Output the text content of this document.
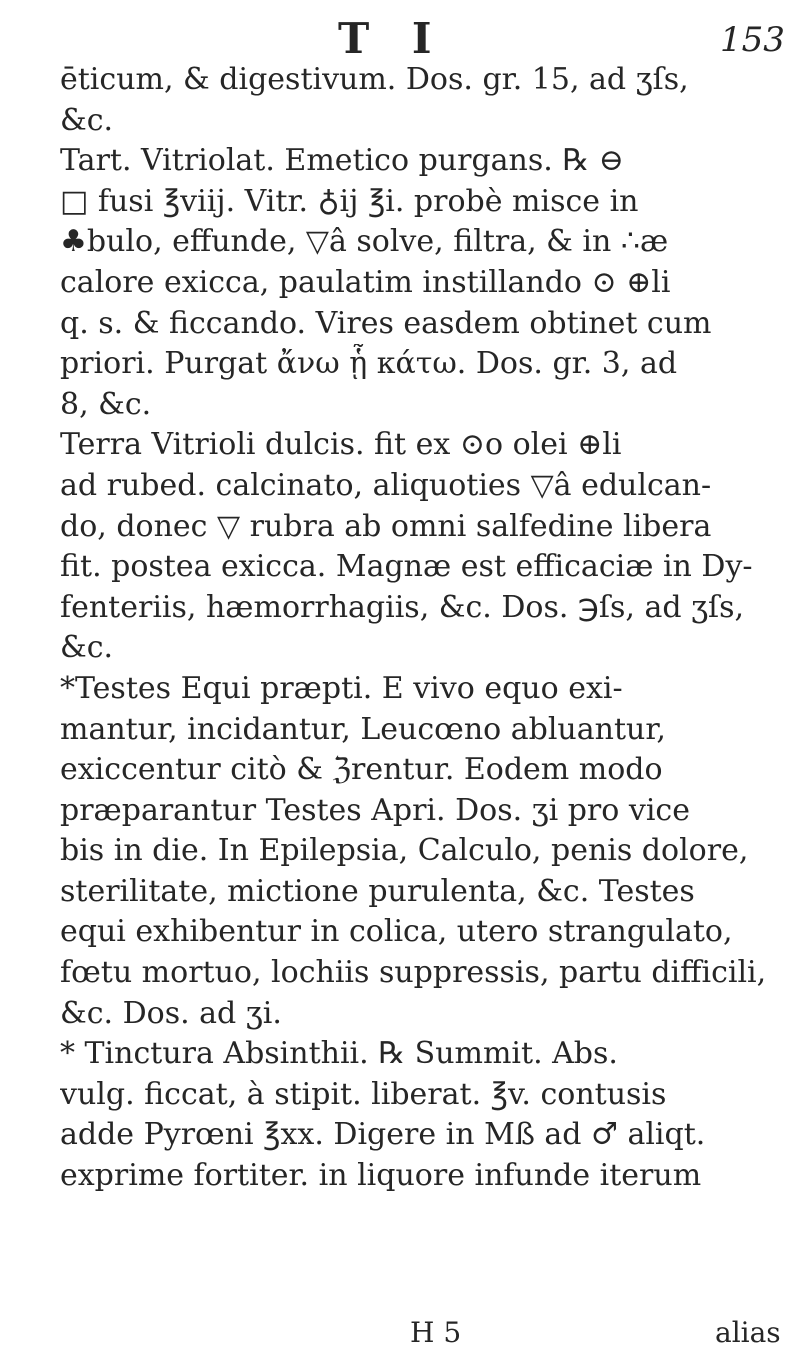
T I	153
ēticum, & digestivum. Dos. gr. 15, ad ʒſs,
&c.
Tart. Vitriolat. Emetico purgans. ℞ ⊖
□ fusi ℥viij. Vitr. ♁ij ℥i. probè misce in
♣bulo, effunde, ▽â solve, filtra, & in ∴æ
calore exicca, paulatim instillando ⊙ ⊕li
q. s. & ficcando. Vires easdem obtinet cum
priori. Purgat ἄνω ᾗ κάτω. Dos. gr. 3, ad
8, &c.
Terra Vitrioli dulcis. fit ex ⊙o olei ⊕li
ad rubed. calcinato, aliquoties ▽â edulcan-
do, donec ▽ rubra ab omni salfedine libera
fit. postea exicca. Magnæ est efficaciæ in Dy-
fenteriis, hæmorrhagiis, &c. Dos. ℈ſs, ad ʒſs,
&c.
*Testes Equi præpti. E vivo equo exi-
mantur, incidantur, Leucœno abluantur,
exiccentur citò & ℨrentur. Eodem modo
præparantur Testes Apri. Dos. ʒi pro vice
bis in die. In Epilepsia, Calculo, penis dolore,
sterilitate, mictione purulenta, &c. Testes
equi exhibentur in colica, utero strangulato,
fœtu mortuo, lochiis suppressis, partu difficili,
&c. Dos. ad ʒi.
* Tinctura Absinthii. ℞ Summit. Abs.
vulg. ficcat, à stipit. liberat. ℥v. contusis
adde Pyrœni ℥xx. Digere in Mß ad ♂ aliqt.
exprime fortiter. in liquore infunde iterum
H 5	alias
